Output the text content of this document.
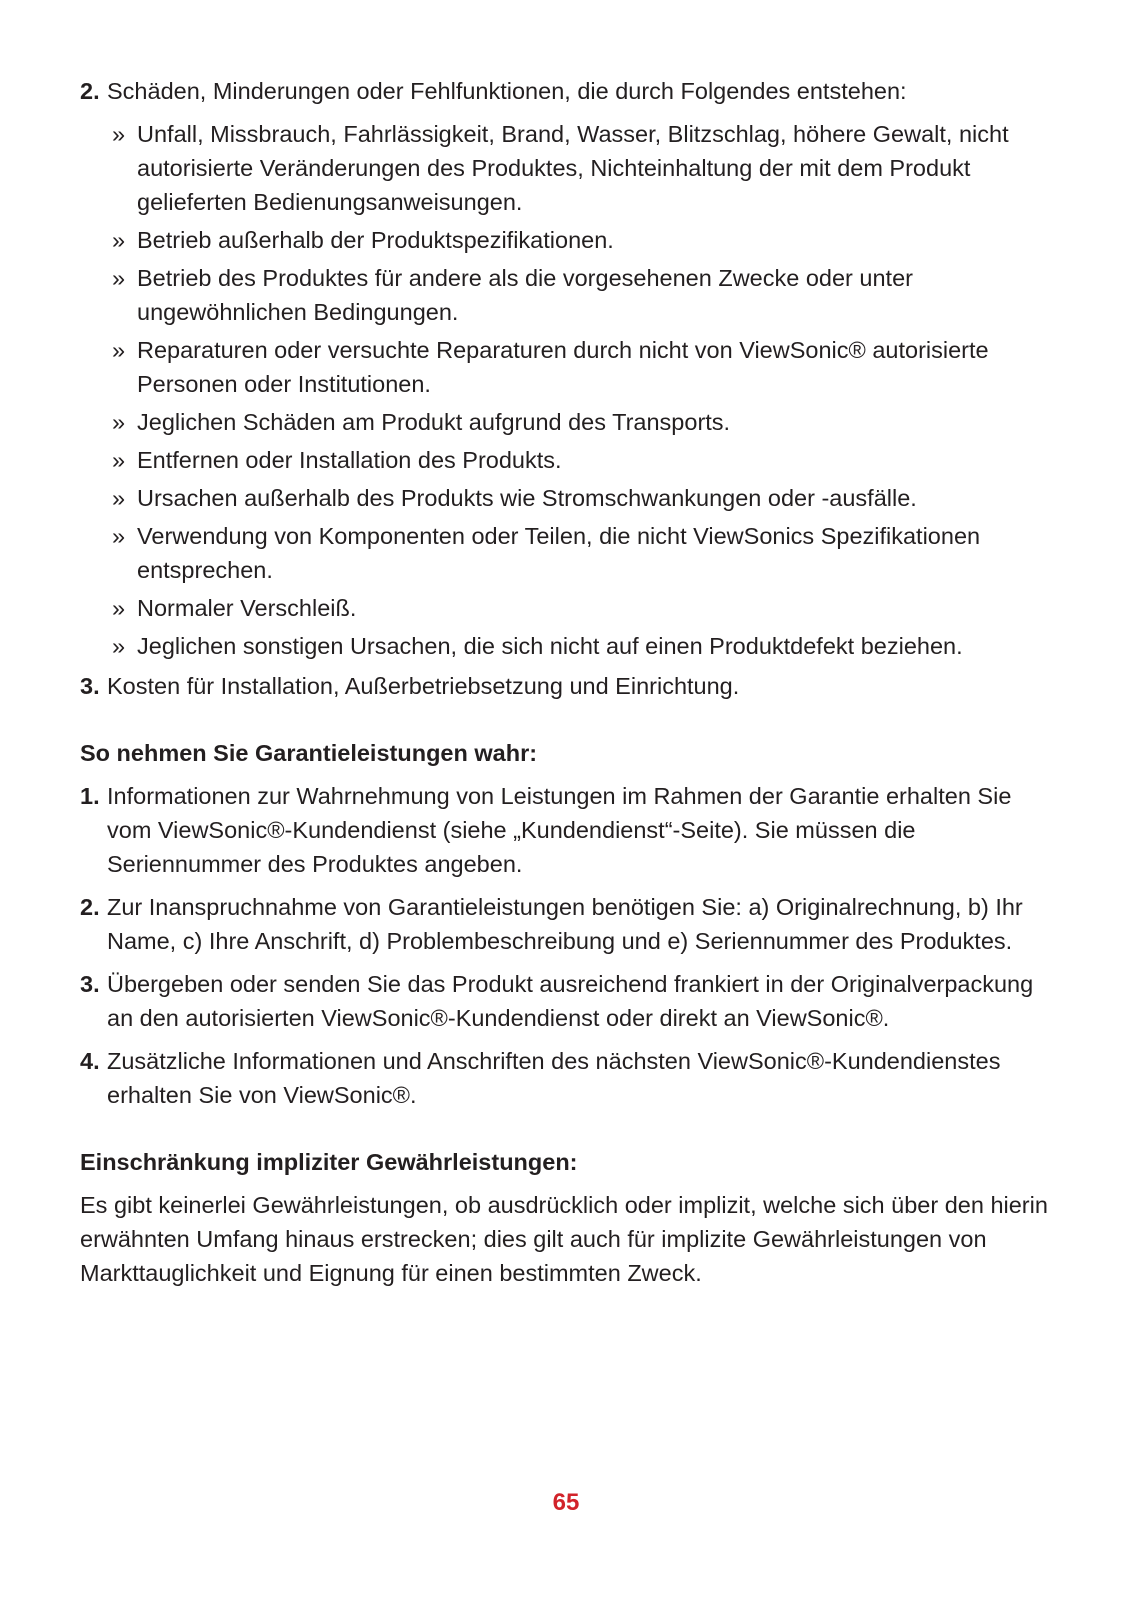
2. Schäden, Minderungen oder Fehlfunktionen, die durch Folgendes entstehen:
» Unfall, Missbrauch, Fahrlässigkeit, Brand, Wasser, Blitzschlag, höhere Gewalt, nicht autorisierte Veränderungen des Produktes, Nichteinhaltung der mit dem Produkt gelieferten Bedienungsanweisungen.
» Betrieb außerhalb der Produktspezifikationen.
» Betrieb des Produktes für andere als die vorgesehenen Zwecke oder unter ungewöhnlichen Bedingungen.
» Reparaturen oder versuchte Reparaturen durch nicht von ViewSonic® autorisierte Personen oder Institutionen.
» Jeglichen Schäden am Produkt aufgrund des Transports.
» Entfernen oder Installation des Produkts.
» Ursachen außerhalb des Produkts wie Stromschwankungen oder -ausfälle.
» Verwendung von Komponenten oder Teilen, die nicht ViewSonics Spezifikationen entsprechen.
» Normaler Verschleiß.
» Jeglichen sonstigen Ursachen, die sich nicht auf einen Produktdefekt beziehen.
3. Kosten für Installation, Außerbetriebsetzung und Einrichtung.
So nehmen Sie Garantieleistungen wahr:
1. Informationen zur Wahrnehmung von Leistungen im Rahmen der Garantie erhalten Sie vom ViewSonic®-Kundendienst (siehe „Kundendienst“-Seite). Sie müssen die Seriennummer des Produktes angeben.
2. Zur Inanspruchnahme von Garantieleistungen benötigen Sie: a) Originalrechnung, b) Ihr Name, c) Ihre Anschrift, d) Problembeschreibung und e) Seriennummer des Produktes.
3. Übergeben oder senden Sie das Produkt ausreichend frankiert in der Originalverpackung an den autorisierten ViewSonic®-Kundendienst oder direkt an ViewSonic®.
4. Zusätzliche Informationen und Anschriften des nächsten ViewSonic®-Kundendienstes erhalten Sie von ViewSonic®.
Einschränkung impliziter Gewährleistungen:

Es gibt keinerlei Gewährleistungen, ob ausdrücklich oder implizit, welche sich über den hierin erwähnten Umfang hinaus erstrecken; dies gilt auch für implizite Gewährleistungen von Markttauglichkeit und Eignung für einen bestimmten Zweck.

65
